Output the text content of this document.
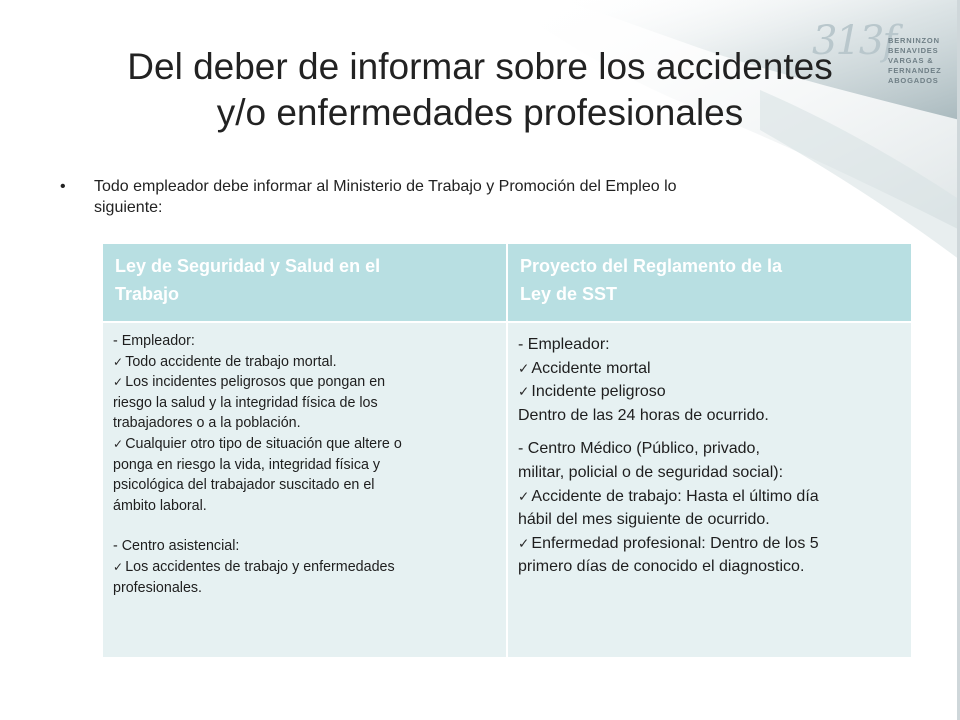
313f
BERNINZON
BENAVIDES
VARGAS &
FERNANDEZ
ABOGADOS
Del deber de informar sobre los accidentes
y/o enfermedades profesionales
• Todo empleador debe informar al Ministerio de Trabajo y Promoción del Empleo lo
siguiente:
Ley de Seguridad y Salud en el
Trabajo
Proyecto del Reglamento de la
Ley de SST
- Empleador:
✓ Todo accidente de trabajo mortal.
✓ Los incidentes peligrosos que pongan en
riesgo la salud y la integridad física de los
trabajadores o a la población.
✓ Cualquier otro tipo de situación que altere o
ponga en riesgo la vida, integridad física y
psicológica del trabajador suscitado en el
ámbito laboral.
- Centro asistencial:
✓ Los accidentes de trabajo y enfermedades
profesionales.
- Empleador:
✓ Accidente mortal
✓ Incidente peligroso
Dentro de las 24 horas de ocurrido.
- Centro Médico (Público, privado,
militar, policial o de seguridad social):
✓ Accidente de trabajo: Hasta el último día
hábil del mes siguiente de ocurrido.
✓ Enfermedad profesional: Dentro de los 5
primero días de conocido el diagnostico.
